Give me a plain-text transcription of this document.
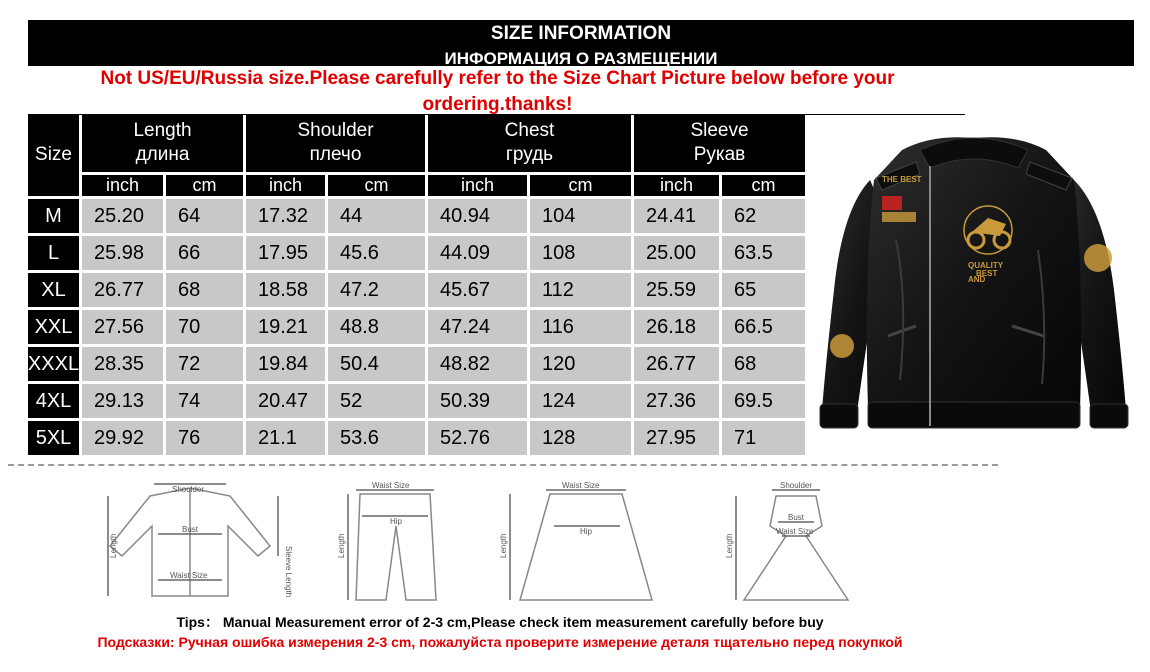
SIZE INFORMATION
ИНФОРМАЦИЯ О РАЗМЕЩЕНИИ
Not US/EU/Russia size.Please carefully refer to the Size Chart Picture below before your
ordering.thanks!
Size
Length
длина
inch	cm
Shoulder
плечо
inch	cm
Chest
грудь
inch	cm
Sleeve
Рукав
inch	cm
M	25.20	64	17.32	44	40.94	104	24.41	62
L	25.98	66	17.95	45.6	44.09	108	25.00	63.5
XL	26.77	68	18.58	47.2	45.67	112	25.59	65
XXL	27.56	70	19.21	48.8	47.24	116	26.18	66.5
XXXL 28.35	72	19.84	50.4	48.82	120	26.77	68
4XL	29.13	74	20.47	52	50.39	124	27.36	69.5
5XL	29.92	76	21.1	53.6	52.76	128	27.95	71
THE BEST
QUALITY
BEST
AND
Shoulder
Bust
Waist Size
Length
Sleeve Length
Waist Size
Hip
Length
Waist Size
Hip
Length
Shoulder
Bust
Waist Size
Length
Tips： Manual Measurement error of 2-3 cm,Please check item measurement carefully before buy
Подсказки: Ручная ошибка измерения 2-3 cm, пожалуйста проверите измерение деталя тщательно перед покупкой
